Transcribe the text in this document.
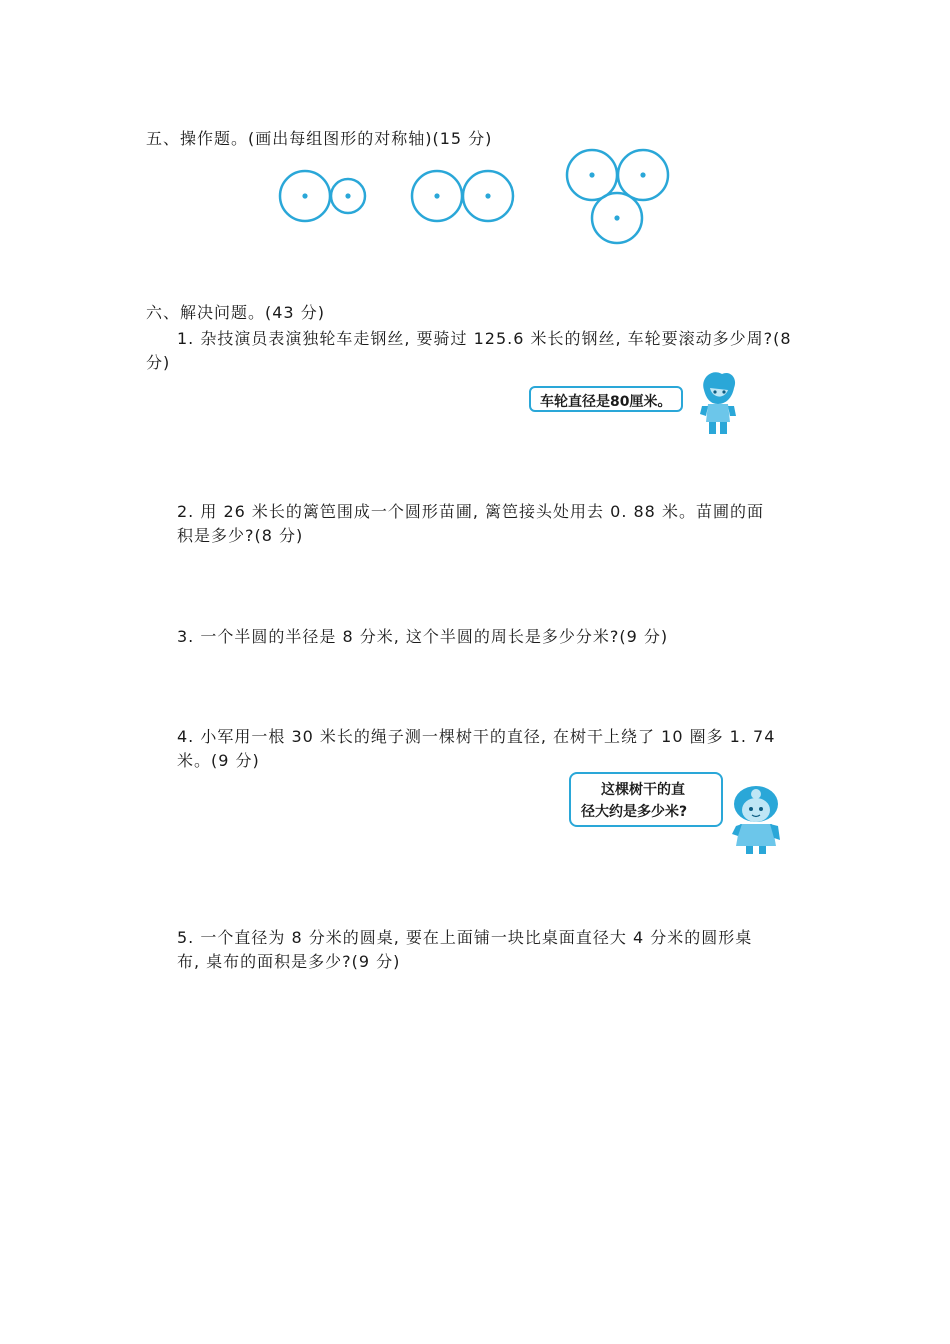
五、操作题。(画出每组图形的对称轴)(15 分)
六、解决问题。(43 分)
1. 杂技演员表演独轮车走钢丝, 要骑过 125.6 米长的钢丝, 车轮要滚动多少周?(8
分)
车轮直径是80厘米。
2. 用 26 米长的篱笆围成一个圆形苗圃, 篱笆接头处用去 0. 88 米。苗圃的面
积是多少?(8 分)
3. 一个半圆的半径是 8 分米, 这个半圆的周长是多少分米?(9 分)
4. 小军用一根 30 米长的绳子测一棵树干的直径, 在树干上绕了 10 圈多 1. 74
米。(9 分)
这棵树干的直
径大约是多少米?
5. 一个直径为 8 分米的圆桌, 要在上面铺一块比桌面直径大 4 分米的圆形桌
布, 桌布的面积是多少?(9 分)
